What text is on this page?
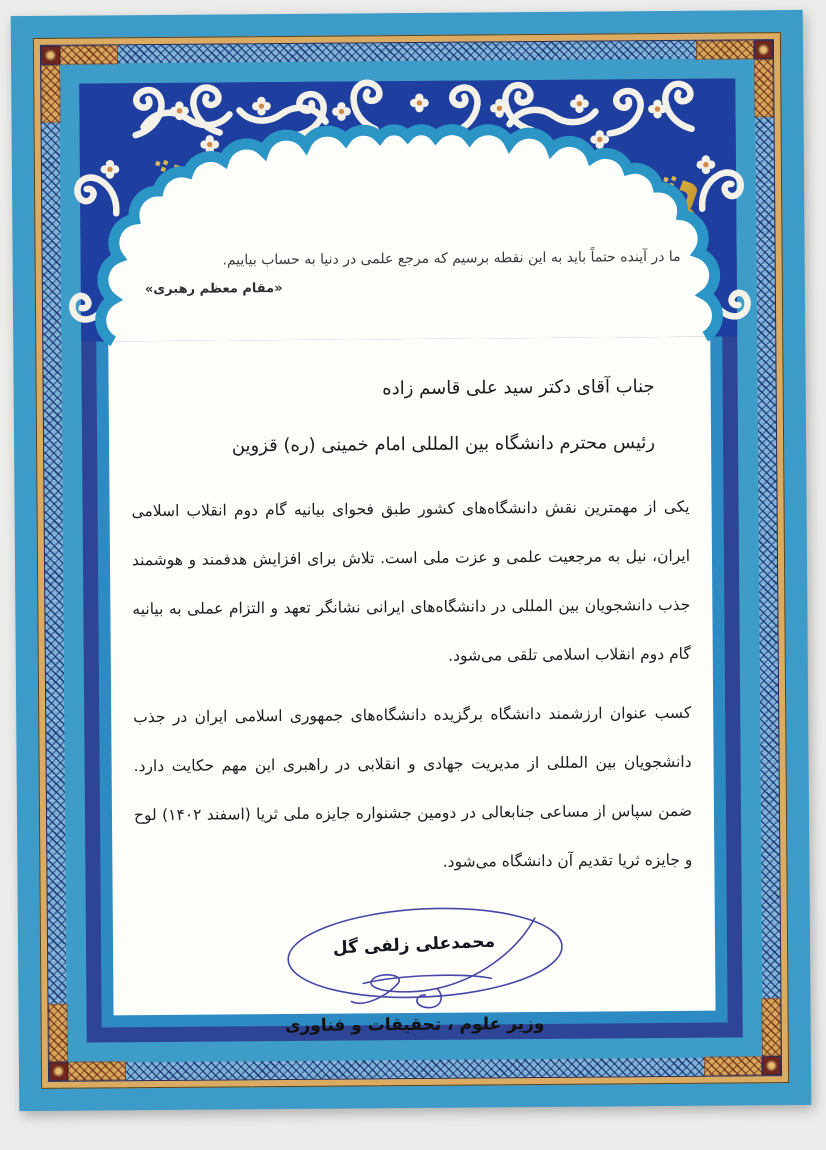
جناب آقای دکتر سید علی قاسم زاده
رئیس محترم دانشگاه بین المللی امام خمینی (ره) قزوین

یکی از مهمترین نقش دانشگاه‌های کشور طبق فحوای بیانیه گام دوم انقلاب اسلامی ایران، نیل به مرجعیت علمی و عزت ملی است. تلاش برای افزایش هدفمند و هوشمند جذب دانشجویان بین المللی در دانشگاه‌های ایرانی نشانگر تعهد و التزام عملی به بیانیه گام دوم انقلاب اسلامی تلقی می‌شود.

کسب عنوان ارزشمند دانشگاه برگزیده دانشگاه‌های جمهوری اسلامی ایران در جذب دانشجویان بین المللی از مدیریت جهادی و انقلابی در راهبری این مهم حکایت دارد. ضمن سپاس از مساعی جنابعالی در دومین جشنواره جایزه ملی ثریا (اسفند ۱۴۰۲) لوح و جایزه ثریا تقدیم آن دانشگاه می‌شود.

محمدعلی زلفی گل
وزیر علوم ، تحقیقات و فناوری
ما در آینده حتماً باید به این نقطه برسیم که مرجع علمی در دنیا به حساب بیاییم.
«مقام معظم رهبری»
